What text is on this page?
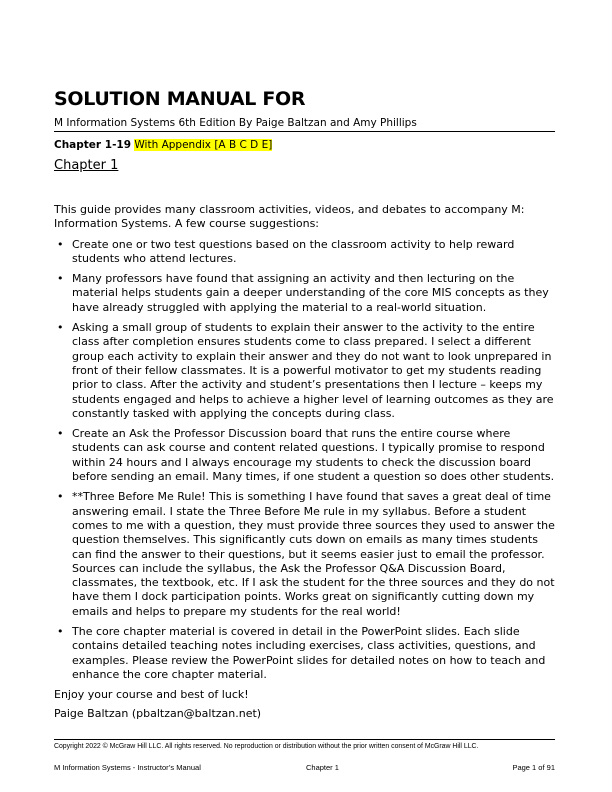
SOLUTION MANUAL FOR
M Information Systems 6th Edition By Paige Baltzan and Amy Phillips
Chapter 1-19 With Appendix [A B C D E]
Chapter 1

This guide provides many classroom activities, videos, and debates to accompany M: Information Systems. A few course suggestions:

• Create one or two test questions based on the classroom activity to help reward students who attend lectures.
• Many professors have found that assigning an activity and then lecturing on the material helps students gain a deeper understanding of the core MIS concepts as they have already struggled with applying the material to a real-world situation.
• Asking a small group of students to explain their answer to the activity to the entire class after completion ensures students come to class prepared. I select a different group each activity to explain their answer and they do not want to look unprepared in front of their fellow classmates. It is a powerful motivator to get my students reading prior to class. After the activity and student’s presentations then I lecture – keeps my students engaged and helps to achieve a higher level of learning outcomes as they are constantly tasked with applying the concepts during class.
• Create an Ask the Professor Discussion board that runs the entire course where students can ask course and content related questions. I typically promise to respond within 24 hours and I always encourage my students to check the discussion board before sending an email. Many times, if one student a question so does other students.
• **Three Before Me Rule! This is something I have found that saves a great deal of time answering email. I state the Three Before Me rule in my syllabus. Before a student comes to me with a question, they must provide three sources they used to answer the question themselves. This significantly cuts down on emails as many times students can find the answer to their questions, but it seems easier just to email the professor. Sources can include the syllabus, the Ask the Professor Q&A Discussion Board, classmates, the textbook, etc. If I ask the student for the three sources and they do not have them I dock participation points. Works great on significantly cutting down my emails and helps to prepare my students for the real world!
• The core chapter material is covered in detail in the PowerPoint slides. Each slide contains detailed teaching notes including exercises, class activities, questions, and examples. Please review the PowerPoint slides for detailed notes on how to teach and enhance the core chapter material.

Enjoy your course and best of luck!

Paige Baltzan (pbaltzan@baltzan.net)

Copyright 2022 © McGraw Hill LLC. All rights reserved. No reproduction or distribution without the prior written consent of McGraw Hill LLC.
M Information Systems - Instructor’s Manual	Chapter 1	Page 1 of 91
